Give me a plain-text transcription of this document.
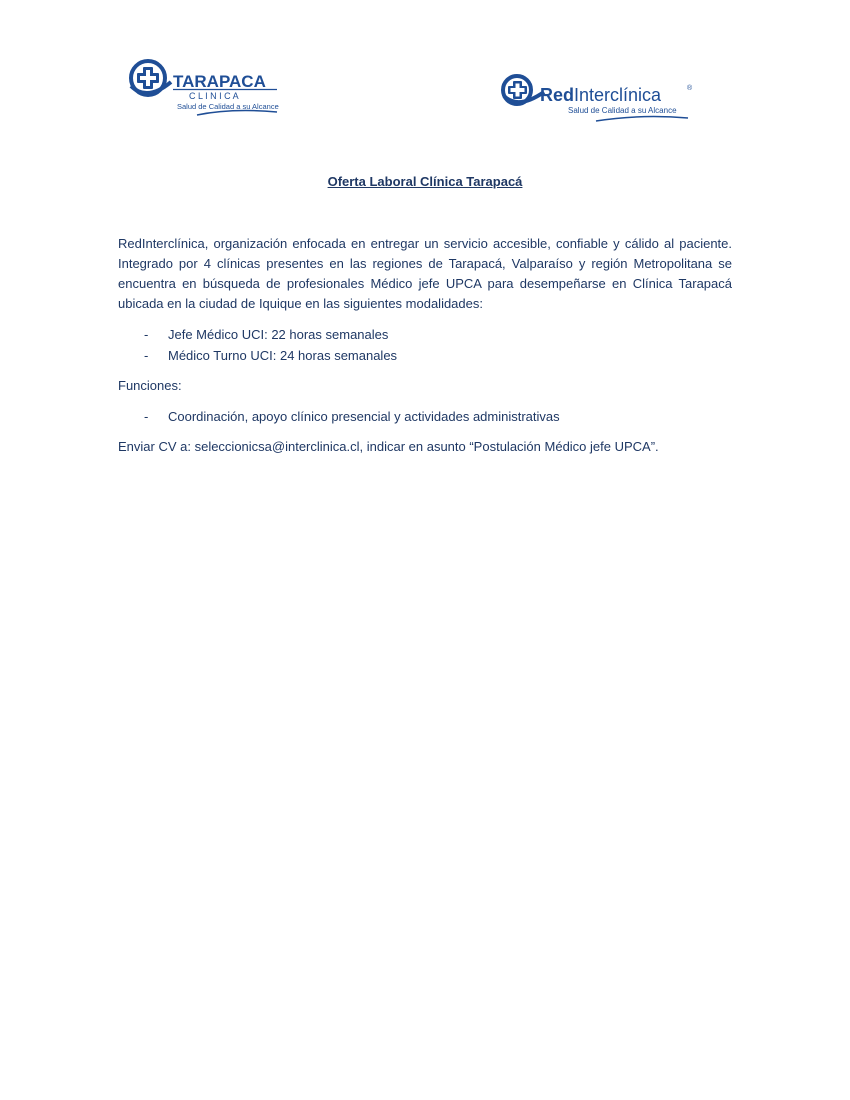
TARAPACA
C L I N I C A
Salud de Calidad a su Alcance
RedInterclínica	®
Salud de Calidad a su Alcance
Oferta Laboral Clínica Tarapacá

RedInterclínica, organización enfocada en entregar un servicio accesible, confiable y cálido al paciente. Integrado por 4 clínicas presentes en las regiones de Tarapacá, Valparaíso y región Metropolitana se encuentra en búsqueda de profesionales Médico jefe UPCA para desempeñarse en Clínica Tarapacá ubicada en la ciudad de Iquique en las siguientes modalidades:

- Jefe Médico UCI: 22 horas semanales
- Médico Turno UCI: 24 horas semanales

Funciones:

- Coordinación, apoyo clínico presencial y actividades administrativas

Enviar CV a: seleccionicsa@interclinica.cl, indicar en asunto “Postulación Médico jefe UPCA”.
